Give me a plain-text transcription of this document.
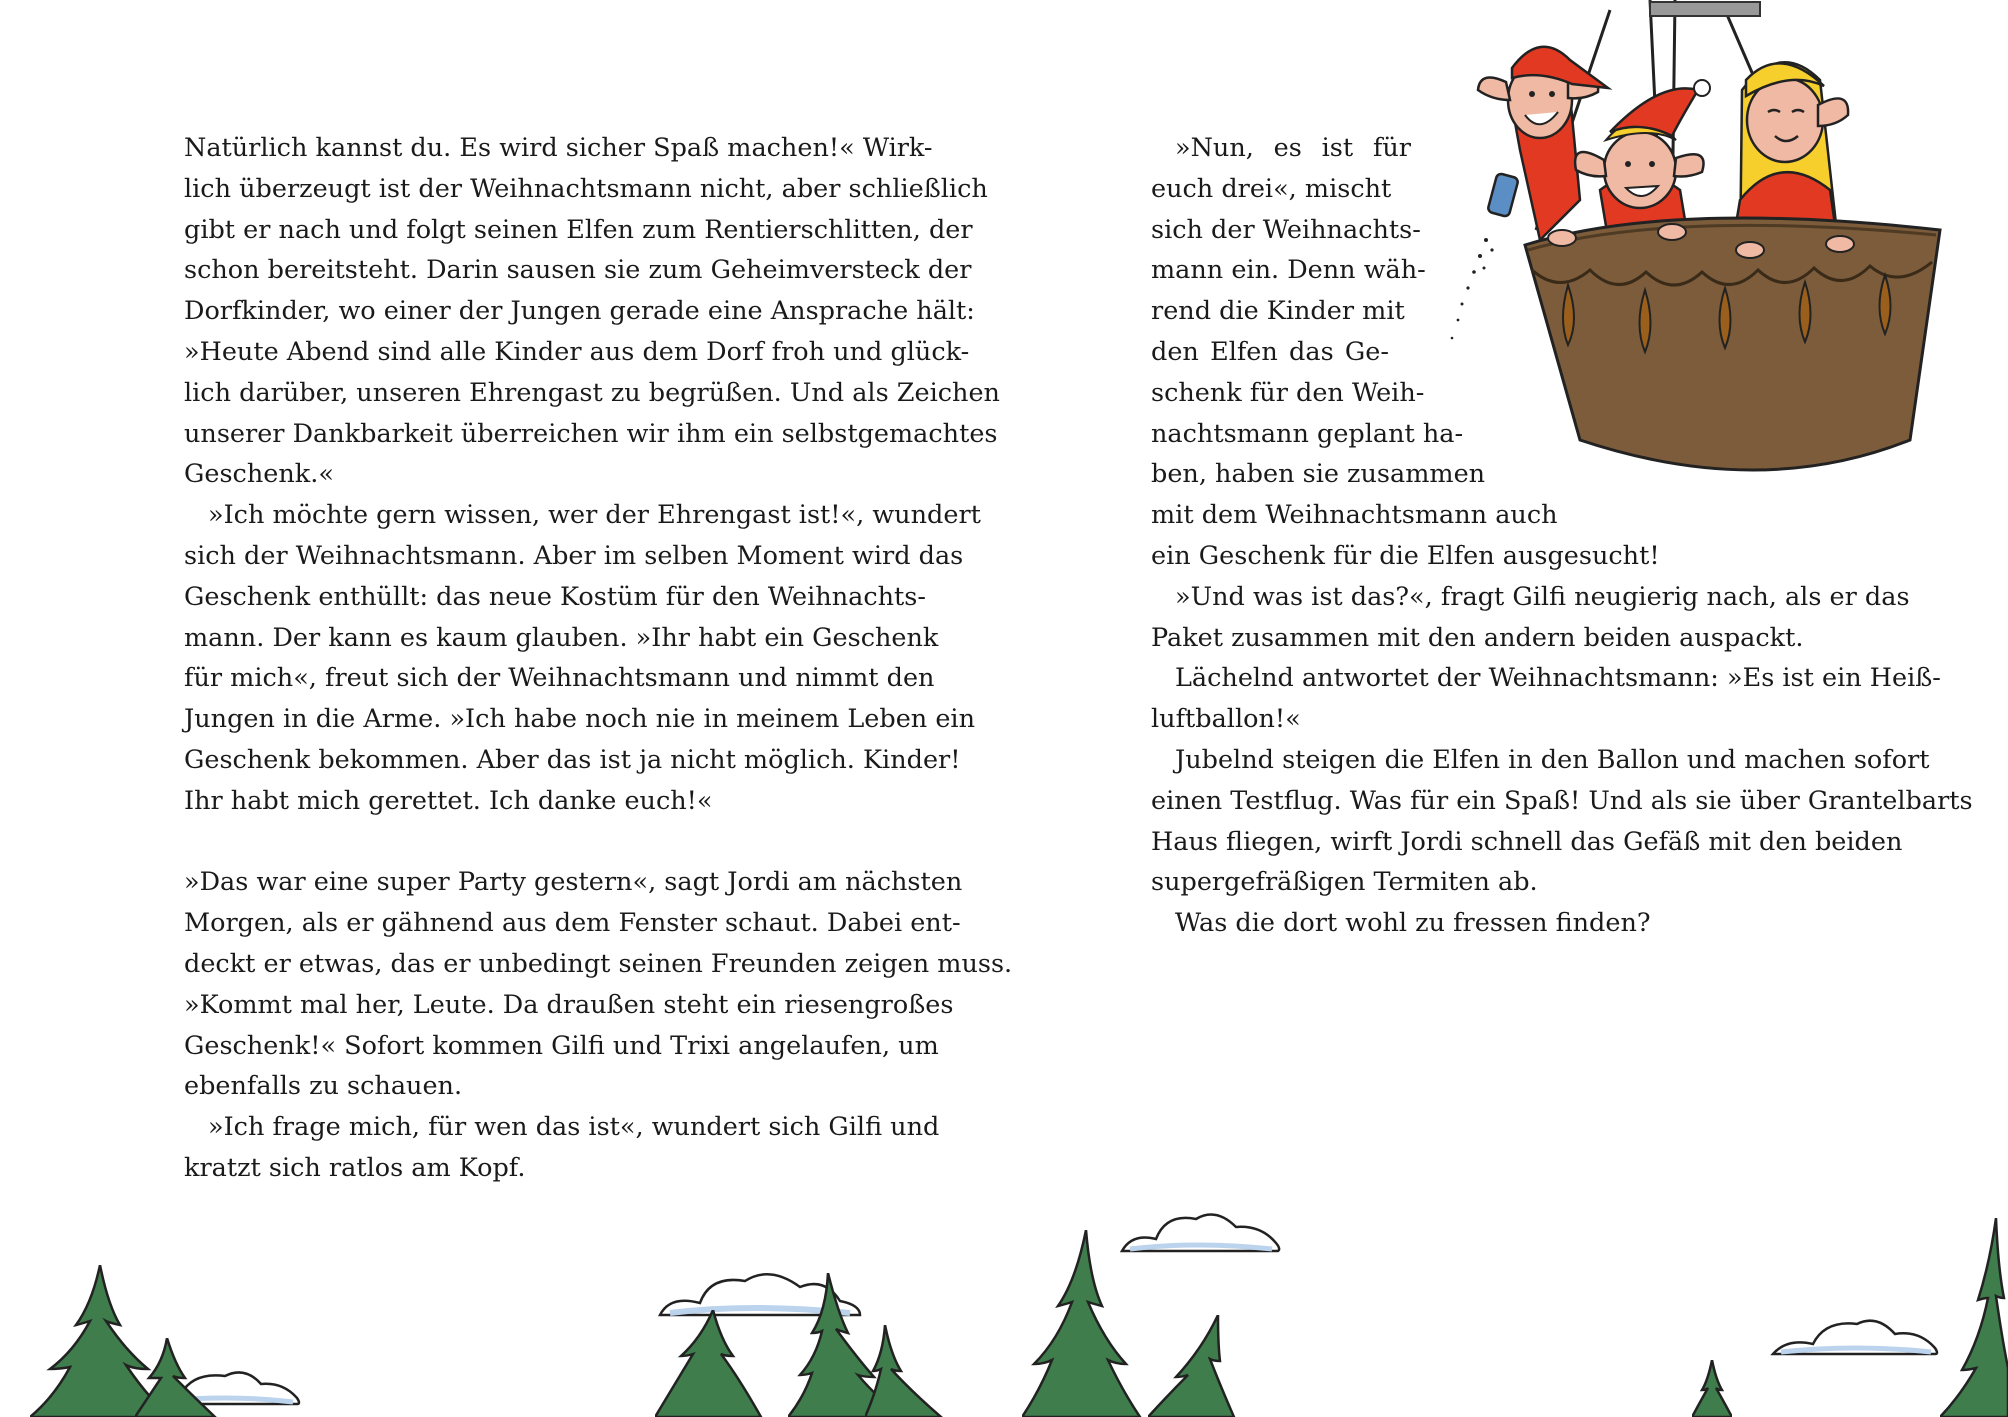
Natürlich kannst du. Es wird sicher Spaß machen!« Wirk-
lich überzeugt ist der Weihnachtsmann nicht, aber schließlich
gibt er nach und folgt seinen Elfen zum Rentierschlitten, der
schon bereitsteht. Darin sausen sie zum Geheimversteck der
Dorfkinder, wo einer der Jungen gerade eine Ansprache hält:
»Heute Abend sind alle Kinder aus dem Dorf froh und glück-
lich darüber, unseren Ehrengast zu begrüßen. Und als Zeichen
unserer Dankbarkeit überreichen wir ihm ein selbstgemachtes
Geschenk.«
»Ich möchte gern wissen, wer der Ehrengast ist!«, wundert
sich der Weihnachtsmann. Aber im selben Moment wird das
Geschenk enthüllt: das neue Kostüm für den Weihnachts-
mann. Der kann es kaum glauben. »Ihr habt ein Geschenk
für mich«, freut sich der Weihnachtsmann und nimmt den
Jungen in die Arme. »Ich habe noch nie in meinem Leben ein
Geschenk bekommen. Aber das ist ja nicht möglich. Kinder!
Ihr habt mich gerettet. Ich danke euch!«
»Das war eine super Party gestern«, sagt Jordi am nächsten
Morgen, als er gähnend aus dem Fenster schaut. Dabei ent-
deckt er etwas, das er unbedingt seinen Freunden zeigen muss.
»Kommt mal her, Leute. Da draußen steht ein riesengroßes
Geschenk!« Sofort kommen Gilfi und Trixi angelaufen, um
ebenfalls zu schauen.
»Ich frage mich, für wen das ist«, wundert sich Gilfi und
kratzt sich ratlos am Kopf.
»Nun, es ist für
euch drei«, mischt
sich der Weihnachts-
mann ein. Denn wäh-
rend die Kinder mit
den Elfen das Ge-
schenk für den Weih-
nachtsmann geplant ha-
ben, haben sie zusammen
mit dem Weihnachtsmann auch
ein Geschenk für die Elfen ausgesucht!
»Und was ist das?«, fragt Gilfi neugierig nach, als er das
Paket zusammen mit den andern beiden auspackt.
Lächelnd antwortet der Weihnachtsmann: »Es ist ein Heiß-
luftballon!«
Jubelnd steigen die Elfen in den Ballon und machen sofort
einen Testflug. Was für ein Spaß! Und als sie über Grantelbarts
Haus fliegen, wirft Jordi schnell das Gefäß mit den beiden
supergefräßigen Termiten ab.
Was die dort wohl zu fressen finden?
